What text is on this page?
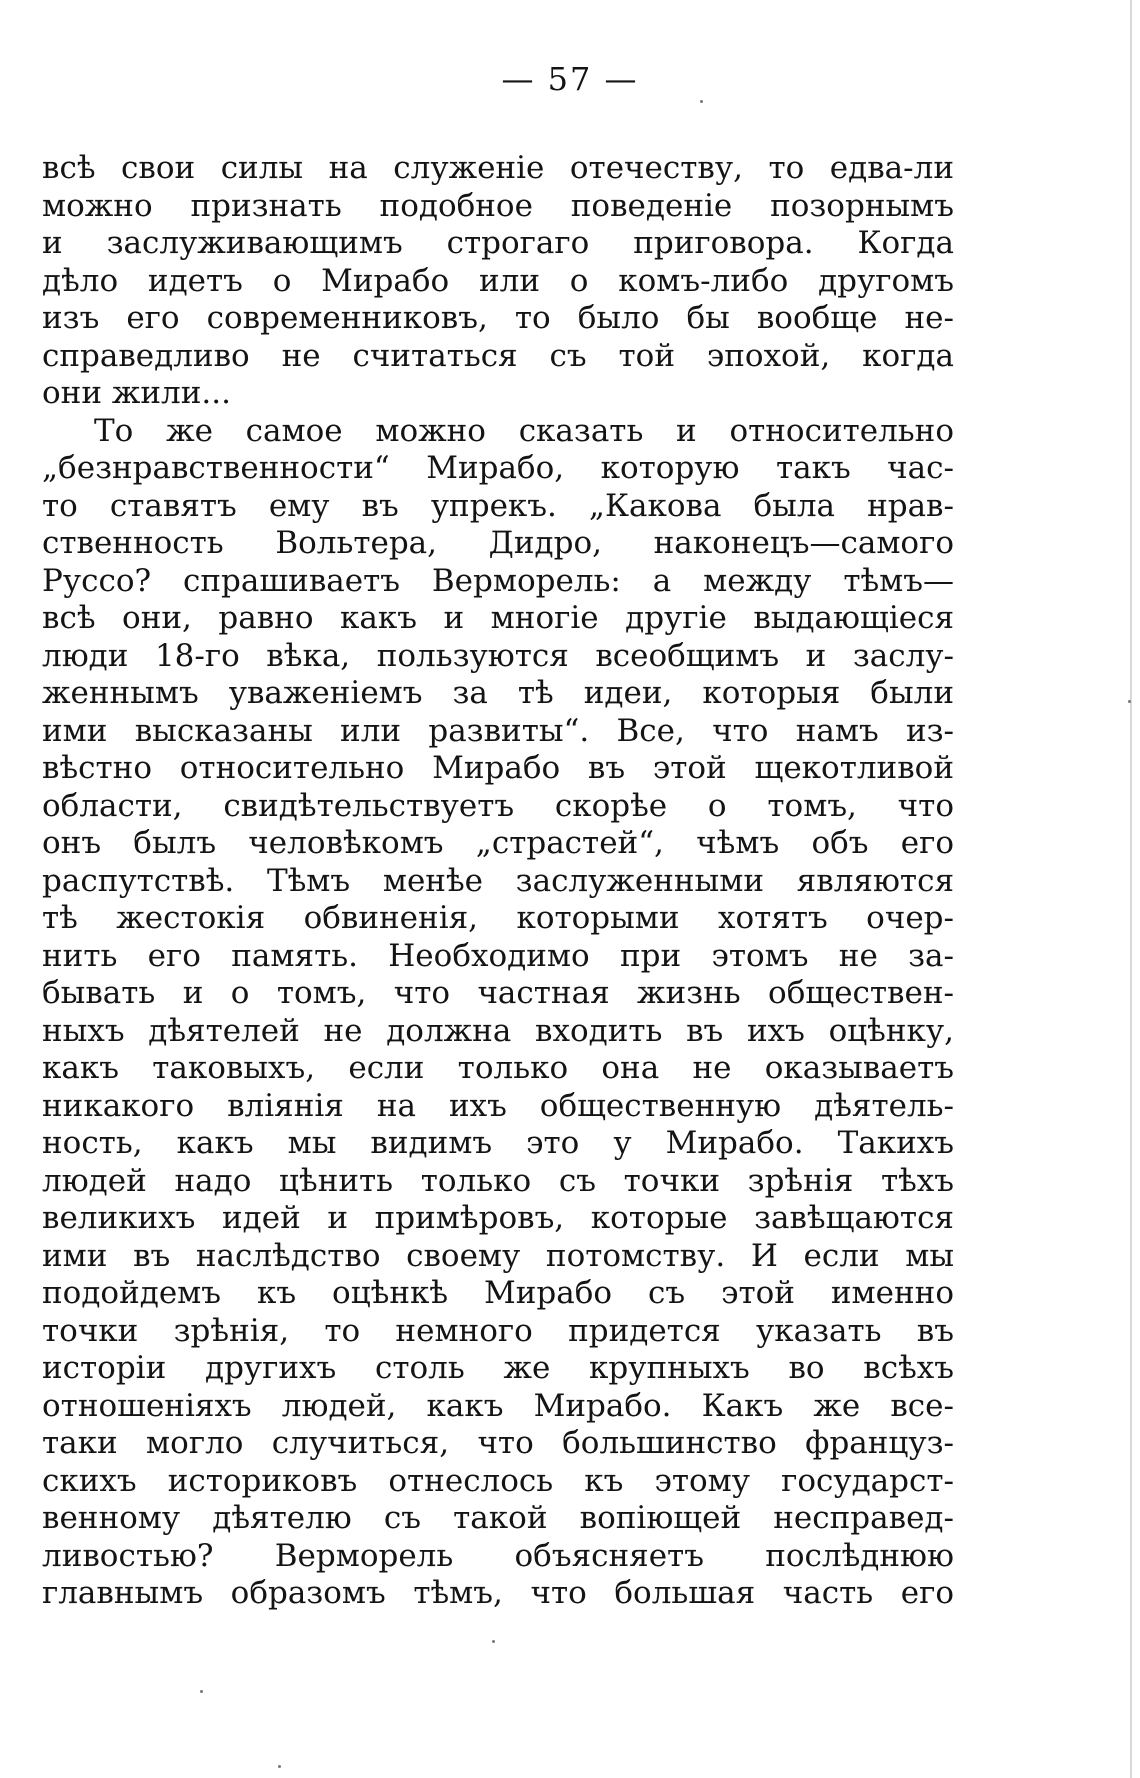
— 57 —
всѣ свои силы на служеніе отечеству, то едва-ли
можно признать подобное поведеніе позорнымъ
и заслуживающимъ строгаго приговора. Когда
дѣло идетъ о Мирабо или о комъ-либо другомъ
изъ его современниковъ, то было бы вообще не-
справедливо не считаться съ той эпохой, когда
они жили...
То же самое можно сказать и относительно
„безнравственности“ Мирабо, которую такъ час-
то ставятъ ему въ упрекъ. „Какова была нрав-
ственность Вольтера, Дидро, наконецъ—самого
Руссо? спрашиваетъ Верморель: а между тѣмъ—
всѣ они, равно какъ и многіе другіе выдающіеся
люди 18-го вѣка, пользуются всеобщимъ и заслу-
женнымъ уваженіемъ за тѣ идеи, которыя были
ими высказаны или развиты“. Все, что намъ из-
вѣстно относительно Мирабо въ этой щекотливой
области, свидѣтельствуетъ скорѣе о томъ, что
онъ былъ человѣкомъ „страстей“, чѣмъ объ его
распутствѣ. Тѣмъ менѣе заслуженными являются
тѣ жестокія обвиненія, которыми хотятъ очер-
нить его память. Необходимо при этомъ не за-
бывать и о томъ, что частная жизнь обществен-
ныхъ дѣятелей не должна входить въ ихъ оцѣнку,
какъ таковыхъ, если только она не оказываетъ
никакого вліянія на ихъ общественную дѣятель-
ность, какъ мы видимъ это у Мирабо. Такихъ
людей надо цѣнить только съ точки зрѣнія тѣхъ
великихъ идей и примѣровъ, которые завѣщаются
ими въ наслѣдство своему потомству. И если мы
подойдемъ къ оцѣнкѣ Мирабо съ этой именно
точки зрѣнія, то немного придется указать въ
исторіи другихъ столь же крупныхъ во всѣхъ
отношеніяхъ людей, какъ Мирабо. Какъ же все-
таки могло случиться, что большинство француз-
скихъ историковъ отнеслось къ этому государст-
венному дѣятелю съ такой вопіющей несправед-
ливостью? Верморель объясняетъ послѣднюю
главнымъ образомъ тѣмъ, что большая часть его
